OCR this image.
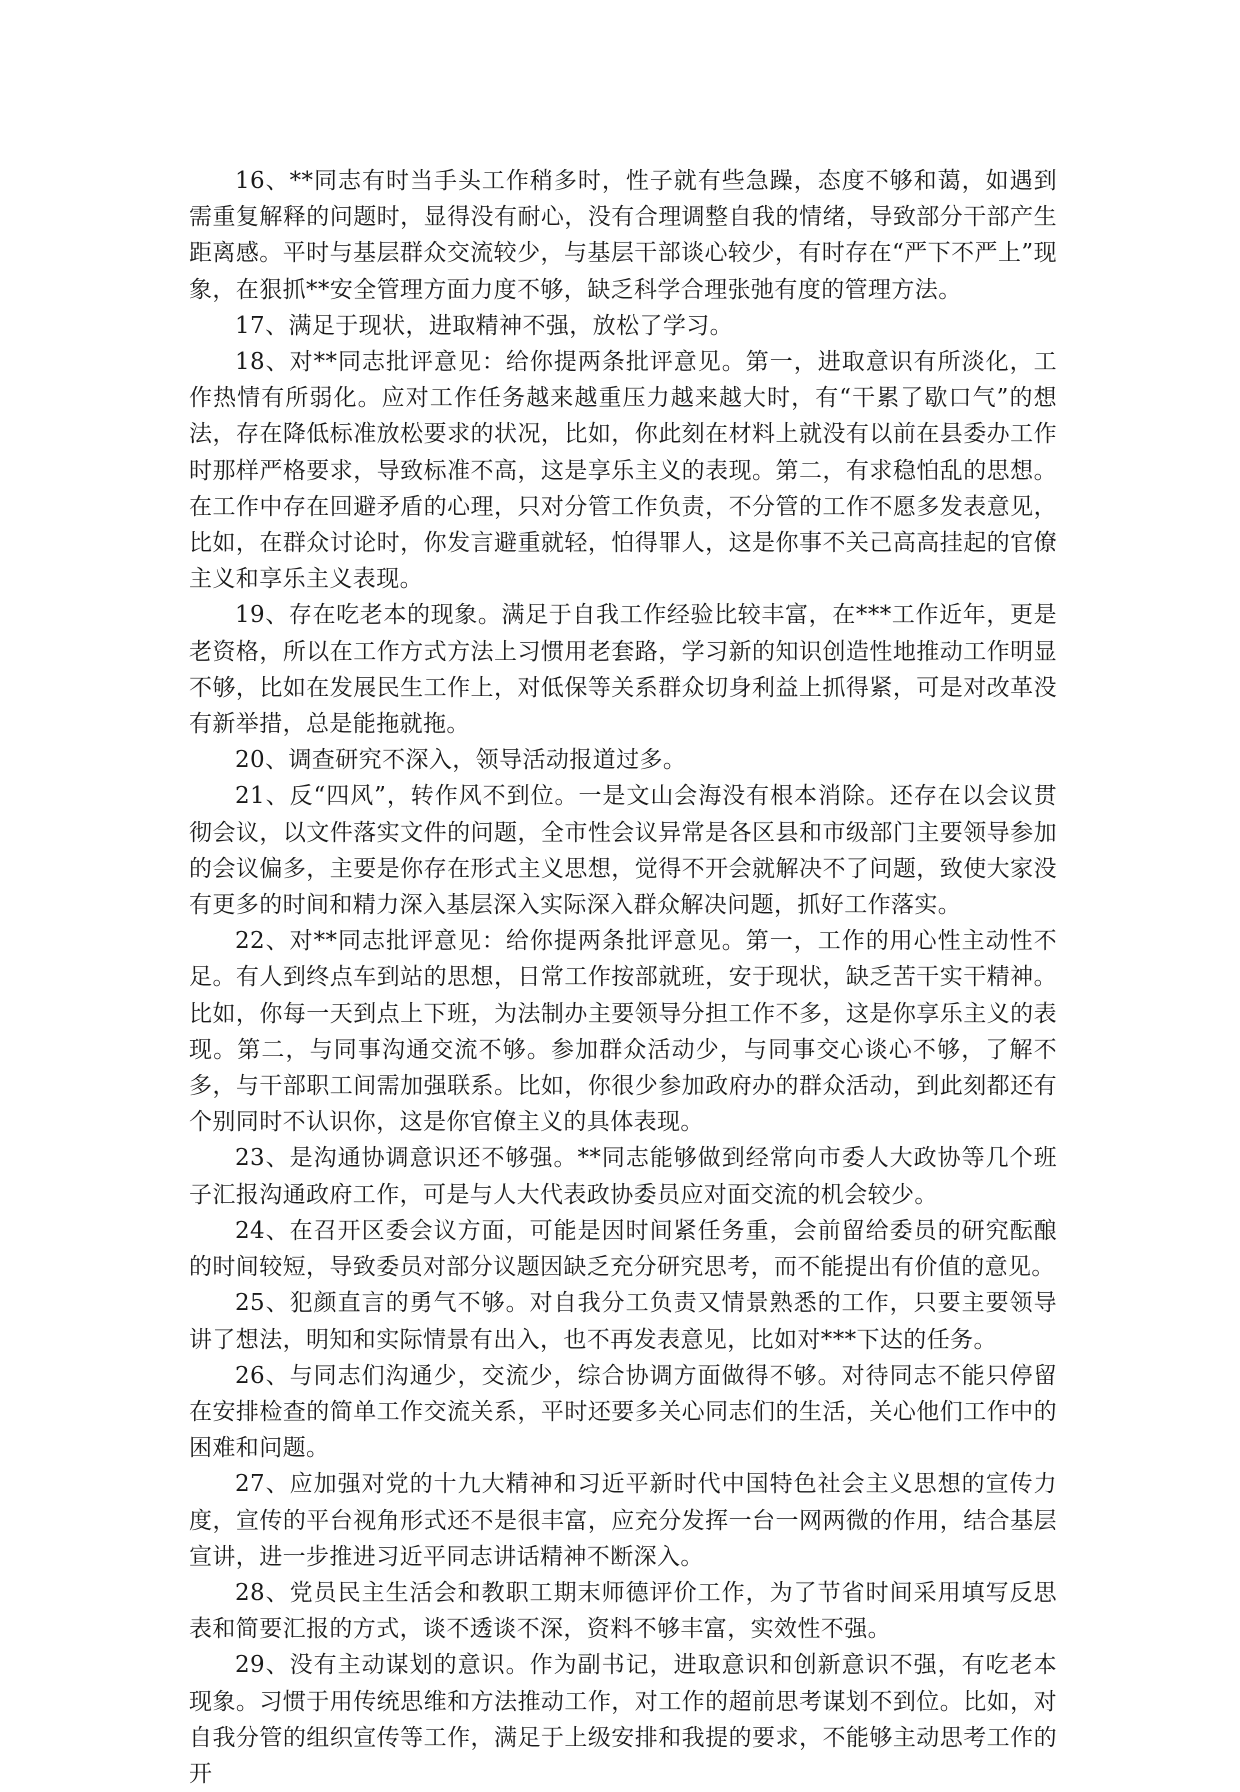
16、**同志有时当手头工作稍多时，性子就有些急躁，态度不够和蔼，如遇到需重复解释的问题时，显得没有耐心，没有合理调整自我的情绪，导致部分干部产生距离感。平时与基层群众交流较少，与基层干部谈心较少，有时存在“严下不严上”现象，在狠抓**安全管理方面力度不够，缺乏科学合理张弛有度的管理方法。

17、满足于现状，进取精神不强，放松了学习。

18、对**同志批评意见：给你提两条批评意见。第一，进取意识有所淡化，工作热情有所弱化。应对工作任务越来越重压力越来越大时，有“干累了歇口气”的想法，存在降低标准放松要求的状况，比如，你此刻在材料上就没有以前在县委办工作时那样严格要求，导致标准不高，这是享乐主义的表现。第二，有求稳怕乱的思想。在工作中存在回避矛盾的心理，只对分管工作负责，不分管的工作不愿多发表意见，比如，在群众讨论时，你发言避重就轻，怕得罪人，这是你事不关己高高挂起的官僚主义和享乐主义表现。

19、存在吃老本的现象。满足于自我工作经验比较丰富，在***工作近年，更是老资格，所以在工作方式方法上习惯用老套路，学习新的知识创造性地推动工作明显不够，比如在发展民生工作上，对低保等关系群众切身利益上抓得紧，可是对改革没有新举措，总是能拖就拖。

20、调查研究不深入，领导活动报道过多。

21、反“四风”，转作风不到位。一是文山会海没有根本消除。还存在以会议贯彻会议，以文件落实文件的问题，全市性会议异常是各区县和市级部门主要领导参加的会议偏多，主要是你存在形式主义思想，觉得不开会就解决不了问题，致使大家没有更多的时间和精力深入基层深入实际深入群众解决问题，抓好工作落实。

22、对**同志批评意见：给你提两条批评意见。第一，工作的用心性主动性不足。有人到终点车到站的思想，日常工作按部就班，安于现状，缺乏苦干实干精神。比如，你每一天到点上下班，为法制办主要领导分担工作不多，这是你享乐主义的表现。第二，与同事沟通交流不够。参加群众活动少，与同事交心谈心不够，了解不多，与干部职工间需加强联系。比如，你很少参加政府办的群众活动，到此刻都还有个别同时不认识你，这是你官僚主义的具体表现。

23、是沟通协调意识还不够强。**同志能够做到经常向市委人大政协等几个班子汇报沟通政府工作，可是与人大代表政协委员应对面交流的机会较少。

24、在召开区委会议方面，可能是因时间紧任务重，会前留给委员的研究酝酿的时间较短，导致委员对部分议题因缺乏充分研究思考，而不能提出有价值的意见。

25、犯颜直言的勇气不够。对自我分工负责又情景熟悉的工作，只要主要领导讲了想法，明知和实际情景有出入，也不再发表意见，比如对***下达的任务。

26、与同志们沟通少，交流少，综合协调方面做得不够。对待同志不能只停留在安排检查的简单工作交流关系，平时还要多关心同志们的生活，关心他们工作中的困难和问题。

27、应加强对党的十九大精神和习近平新时代中国特色社会主义思想的宣传力度，宣传的平台视角形式还不是很丰富，应充分发挥一台一网两微的作用，结合基层宣讲，进一步推进习近平同志讲话精神不断深入。

28、党员民主生活会和教职工期末师德评价工作，为了节省时间采用填写反思表和简要汇报的方式，谈不透谈不深，资料不够丰富，实效性不强。

29、没有主动谋划的意识。作为副书记，进取意识和创新意识不强，有吃老本现象。习惯于用传统思维和方法推动工作，对工作的超前思考谋划不到位。比如，对自我分管的组织宣传等工作，满足于上级安排和我提的要求，不能够主动思考工作的开
